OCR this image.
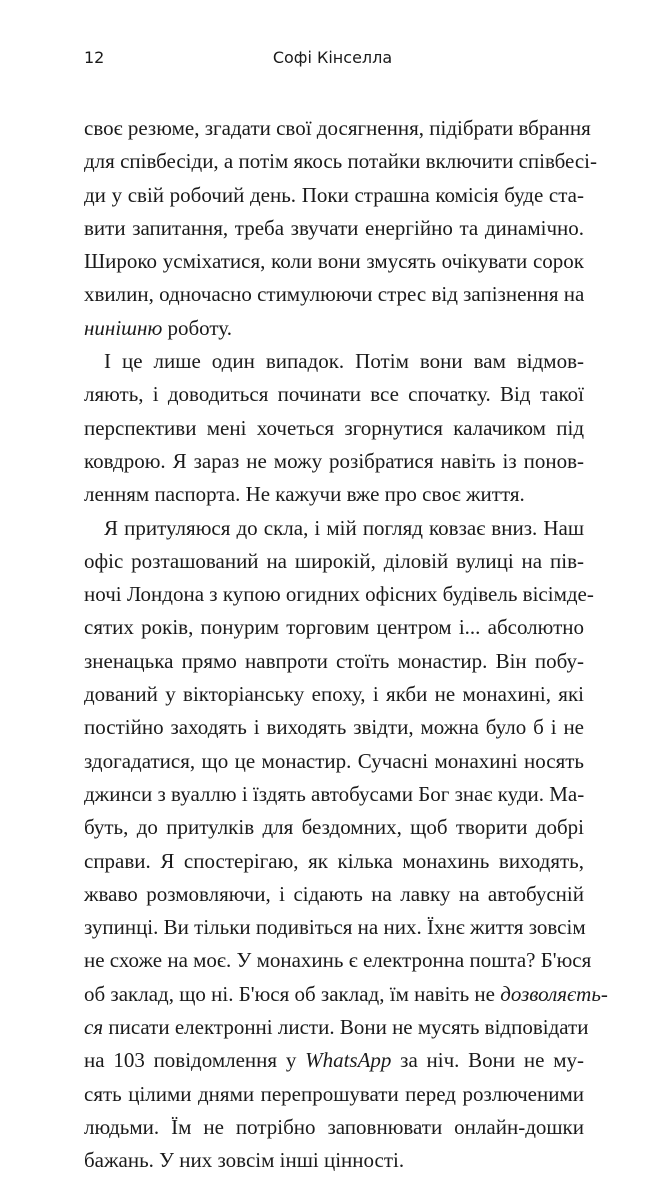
12	Софі Кінселла
своє резюме, згадати свої досягнення, підібрати вбрання
для співбесіди, а потім якось потайки включити співбесі-
ди у свій робочий день. Поки страшна комісія буде ста-
вити запитання, треба звучати енергійно та динамічно.
Широко усміхатися, коли вони змусять очікувати сорок
хвилин, одночасно стимулюючи стрес від запізнення на
нинішню роботу.
І це лише один випадок. Потім вони вам відмов-
ляють, і доводиться починати все спочатку. Від такої
перспективи мені хочеться згорнутися калачиком під
ковдрою. Я зараз не можу розібратися навіть із понов-
ленням паспорта. Не кажучи вже про своє життя.
Я притуляюся до скла, і мій погляд ковзає вниз. Наш
офіс розташований на широкій, діловій вулиці на пів-
ночі Лондона з купою огидних офісних будівель вісімде-
сятих років, понурим торговим центром і... абсолютно
зненацька прямо навпроти стоїть монастир. Він побу-
дований у вікторіанську епоху, і якби не монахині, які
постійно заходять і виходять звідти, можна було б і не
здогадатися, що це монастир. Сучасні монахині носять
джинси з вуаллю і їздять автобусами Бог знає куди. Ма-
буть, до притулків для бездомних, щоб творити добрі
справи. Я спостерігаю, як кілька монахинь виходять,
жваво розмовляючи, і сідають на лавку на автобусній
зупинці. Ви тільки подивіться на них. Їхнє життя зовсім
не схоже на моє. У монахинь є електронна пошта? Б'юся
об заклад, що ні. Б'юся об заклад, їм навіть не дозволяєть-
ся писати електронні листи. Вони не мусять відповідати
на 103 повідомлення у WhatsApp за ніч. Вони не му-
сять цілими днями перепрошувати перед розлюченими
людьми. Їм не потрібно заповнювати онлайн-дошки
бажань. У них зовсім інші цінності.
